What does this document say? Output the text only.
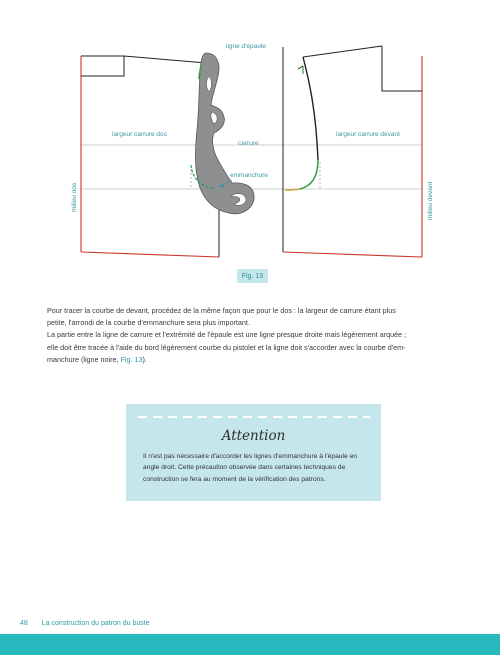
ligne d'épaule
largeur carrure dos
carrure
largeur carrure devant
emmanchure
milieu dos	milieu devant
Fig. 13

Pour tracer la courbe de devant, procédez de la même façon que pour le dos : la largeur de carrure étant plus
petite, l'arrondi de la courbe d'emmanchure sera plus important.
La partie entre la ligne de carrure et l'extrémité de l'épaule est une ligne presque droite mais légèrement arquée ;
elle doit être tracée à l'aide du bord légèrement courbe du pistolet et la ligne doit s'accorder avec la courbe d'em-
manchure (ligne noire, Fig. 13).

Attention

Il n'est pas nécessaire d'accorder les lignes d'emmanchure à l'épaule en angle droit. Cette précaution observée dans certaines techniques de construction se fera au moment de la vérification des patrons.

48 La construction du patron du buste
